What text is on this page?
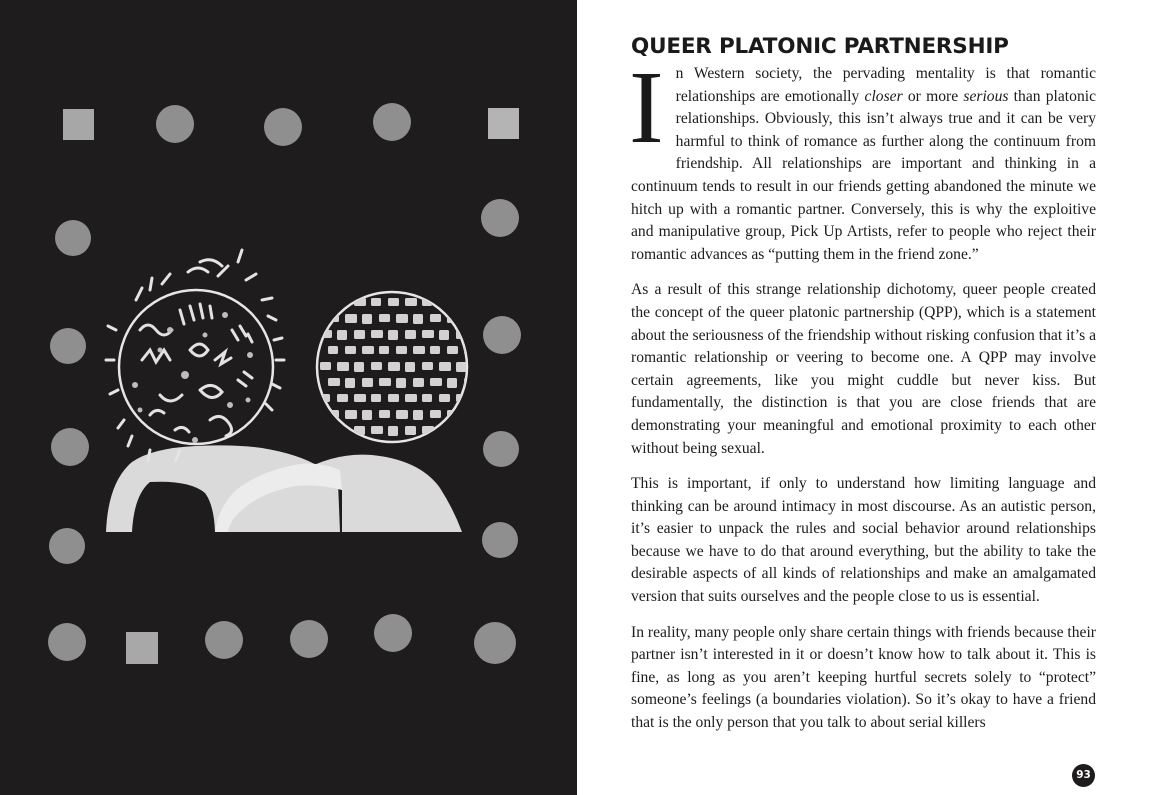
QUEER PLATONIC PARTNERSHIP

In Western society, the pervading mentality is that romantic relationships are emotionally closer or more serious than platonic relationships. Obviously, this isn’t always true and it can be very harmful to think of romance as further along the continuum from friendship. All relationships are important and thinking in a continuum tends to result in our friends getting abandoned the minute we hitch up with a romantic partner. Conversely, this is why the exploitive and manipulative group, Pick Up Artists, refer to people who reject their romantic advances as “putting them in the friend zone.”

As a result of this strange relationship dichotomy, queer people created the concept of the queer platonic partnership (QPP), which is a statement about the seriousness of the friendship without risking confusion that it’s a romantic relationship or veering to become one. A QPP may involve certain agreements, like you might cuddle but never kiss. But fundamentally, the distinction is that you are close friends that are demonstrating your meaningful and emotional proximity to each other without being sexual.

This is important, if only to understand how limiting language and thinking can be around intimacy in most discourse. As an autistic person, it’s easier to unpack the rules and social behavior around relationships because we have to do that around everything, but the ability to take the desirable aspects of all kinds of relationships and make an amalgamated version that suits ourselves and the people close to us is essential.

In reality, many people only share certain things with friends because their partner isn’t interested in it or doesn’t know how to talk about it. This is fine, as long as you aren’t keeping hurtful secrets solely to “protect” someone’s feelings (a boundaries violation). So it’s okay to have a friend that is the only person that you talk to about serial killers

93
